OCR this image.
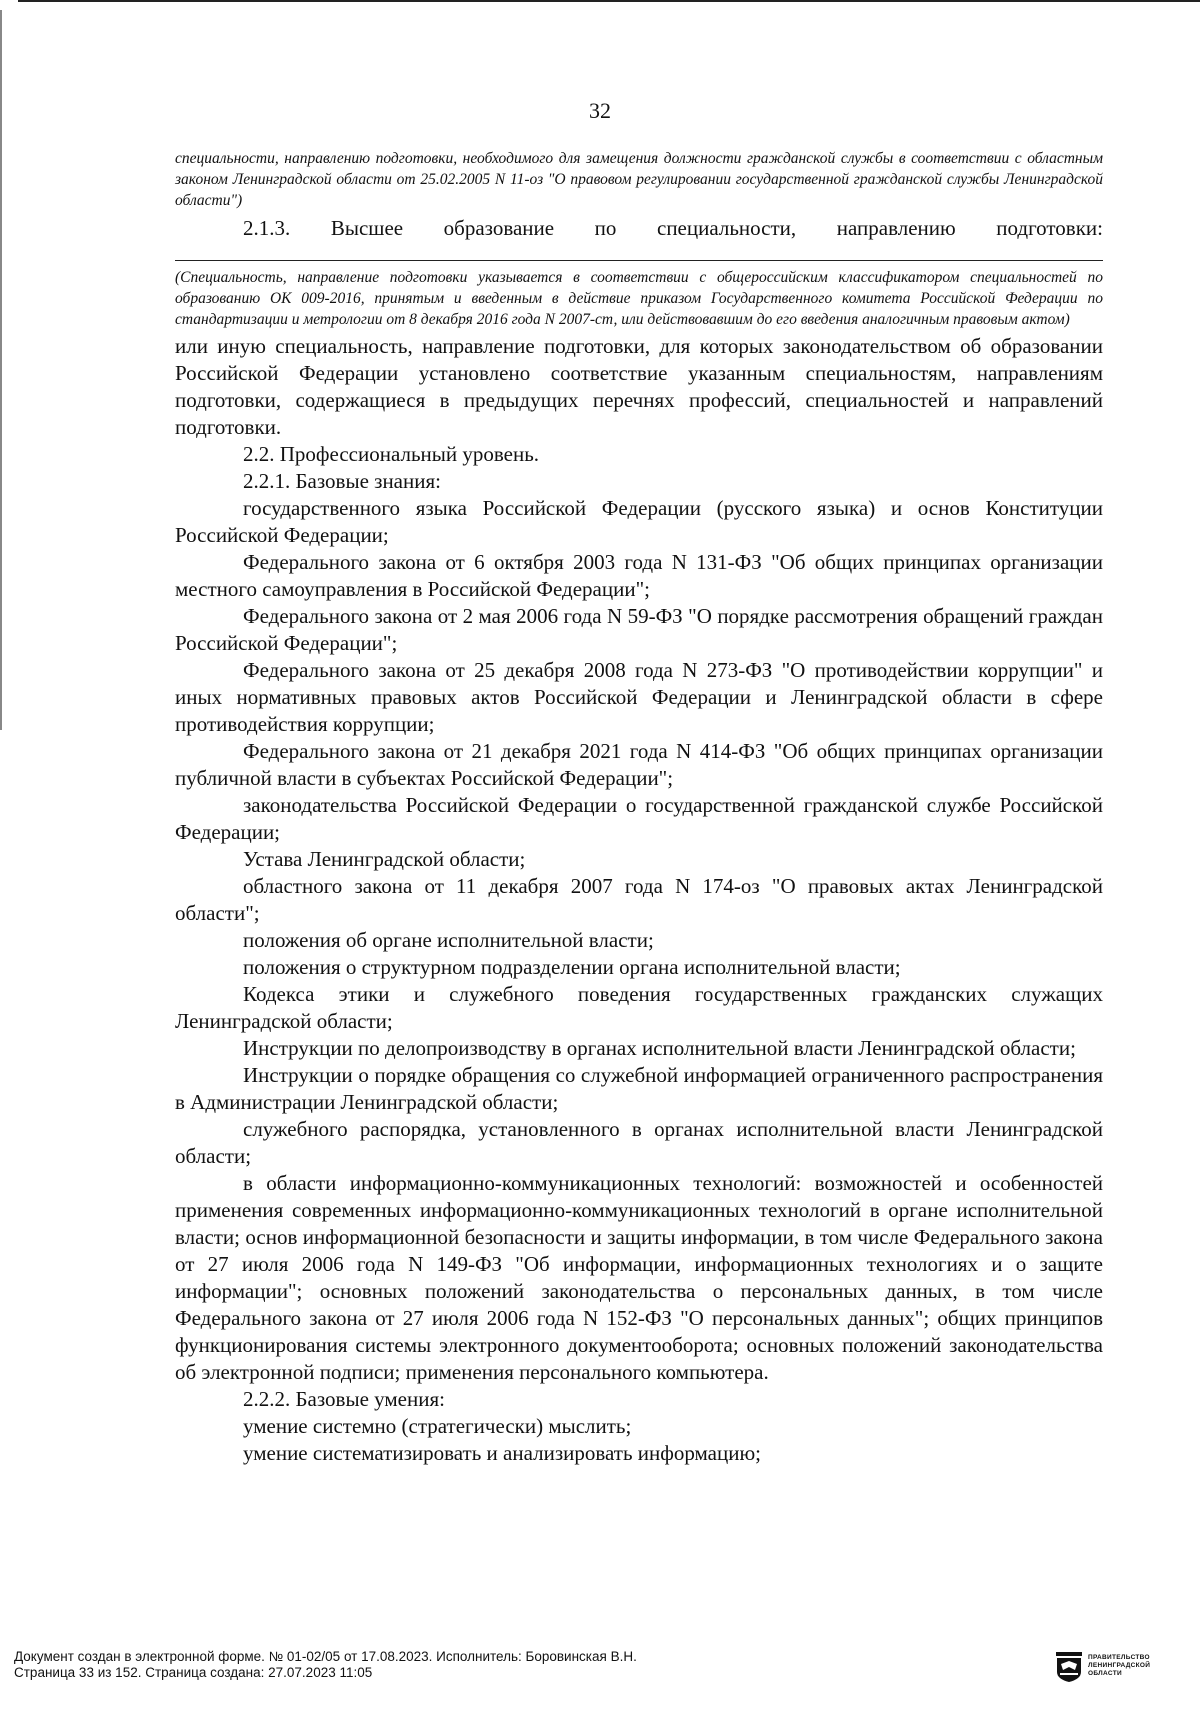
32

специальности, направлению подготовки, необходимого для замещения должности гражданской службы в соответствии с областным законом Ленинградской области от 25.02.2005 N 11-оз "О правовом регулировании государственной гражданской службы Ленинградской области")

2.1.3. Высшее образование по специальности, направлению подготовки:

(Специальность, направление подготовки указывается в соответствии с общероссийским классификатором специальностей по образованию ОК 009-2016, принятым и введенным в действие приказом Государственного комитета Российской Федерации по стандартизации и метрологии от 8 декабря 2016 года N 2007-ст, или действовавшим до его введения аналогичным правовым актом)

или иную специальность, направление подготовки, для которых законодательством об образовании Российской Федерации установлено соответствие указанным специальностям, направлениям подготовки, содержащиеся в предыдущих перечнях профессий, специальностей и направлений подготовки.

2.2. Профессиональный уровень.

2.2.1. Базовые знания:

государственного языка Российской Федерации (русского языка) и основ Конституции Российской Федерации;

Федерального закона от 6 октября 2003 года N 131-ФЗ "Об общих принципах организации местного самоуправления в Российской Федерации";

Федерального закона от 2 мая 2006 года N 59-ФЗ "О порядке рассмотрения обращений граждан Российской Федерации";

Федерального закона от 25 декабря 2008 года N 273-ФЗ "О противодействии коррупции" и иных нормативных правовых актов Российской Федерации и Ленинградской области в сфере противодействия коррупции;

Федерального закона от 21 декабря 2021 года N 414-ФЗ "Об общих принципах организации публичной власти в субъектах Российской Федерации";

законодательства Российской Федерации о государственной гражданской службе Российской Федерации;

Устава Ленинградской области;

областного закона от 11 декабря 2007 года N 174-оз "О правовых актах Ленинградской области";

положения об органе исполнительной власти;

положения о структурном подразделении органа исполнительной власти;

Кодекса этики и служебного поведения государственных гражданских служащих Ленинградской области;

Инструкции по делопроизводству в органах исполнительной власти Ленинградской области;

Инструкции о порядке обращения со служебной информацией ограниченного распространения в Администрации Ленинградской области;

служебного распорядка, установленного в органах исполнительной власти Ленинградской области;

в области информационно-коммуникационных технологий: возможностей и особенностей применения современных информационно-коммуникационных технологий в органе исполнительной власти; основ информационной безопасности и защиты информации, в том числе Федерального закона от 27 июля 2006 года N 149-ФЗ "Об информации, информационных технологиях и о защите информации"; основных положений законодательства о персональных данных, в том числе Федерального закона от 27 июля 2006 года N 152-ФЗ "О персональных данных"; общих принципов функционирования системы электронного документооборота; основных положений законодательства об электронной подписи; применения персонального компьютера.

2.2.2. Базовые умения:

умение системно (стратегически) мыслить;

умение систематизировать и анализировать информацию;

Документ создан в электронной форме. № 01-02/05 от 17.08.2023. Исполнитель: Боровинская В.Н.
Страница 33 из 152. Страница создана: 27.07.2023 11:05
ПРАВИТЕЛЬСТВО
ЛЕНИНГРАДСКОЙ
ОБЛАСТИ
